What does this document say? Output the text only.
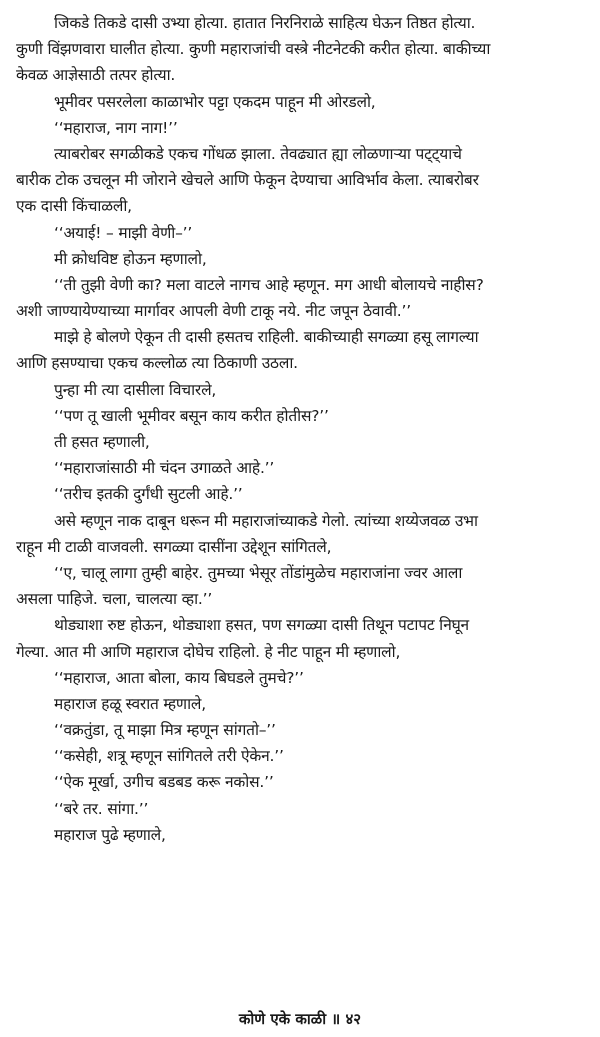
जिकडे तिकडे दासी उभ्या होत्या. हातात निरनिराळे साहित्य घेऊन तिष्ठत होत्या.
कुणी विंझणवारा घालीत होत्या. कुणी महाराजांची वस्त्रे नीटनेटकी करीत होत्या. बाकीच्या
केवळ आज्ञेसाठी तत्पर होत्या.
भूमीवर पसरलेला काळाभोर पट्टा एकदम पाहून मी ओरडलो,
‘‘महाराज, नाग नाग!’’
त्याबरोबर सगळीकडे एकच गोंधळ झाला. तेवढ्यात ह्या लोळणाऱ्या पट्ट्याचे
बारीक टोक उचलून मी जोराने खेचले आणि फेकून देण्याचा आविर्भाव केला. त्याबरोबर
एक दासी किंचाळली,
‘‘अयाई! – माझी वेणी–’’
मी क्रोधविष्ट होऊन म्हणालो,
‘‘ती तुझी वेणी का? मला वाटले नागच आहे म्हणून. मग आधी बोलायचे नाहीस?
अशी जाण्यायेण्याच्या मार्गावर आपली वेणी टाकू नये. नीट जपून ठेवावी.’’
माझे हे बोलणे ऐकून ती दासी हसतच राहिली. बाकीच्याही सगळ्या हसू लागल्या
आणि हसण्याचा एकच कल्लोळ त्या ठिकाणी उठला.
पुन्हा मी त्या दासीला विचारले,
‘‘पण तू खाली भूमीवर बसून काय करीत होतीस?’’
ती हसत म्हणाली,
‘‘महाराजांसाठी मी चंदन उगाळते आहे.’’
‘‘तरीच इतकी दुर्गंधी सुटली आहे.’’
असे म्हणून नाक दाबून धरून मी महाराजांच्याकडे गेलो. त्यांच्या शय्येजवळ उभा
राहून मी टाळी वाजवली. सगळ्या दासींना उद्देशून सांगितले,
‘‘ए, चालू लागा तुम्ही बाहेर. तुमच्या भेसूर तोंडांमुळेच महाराजांना ज्वर आला
असला पाहिजे. चला, चालत्या व्हा.’’
थोड्याशा रुष्ट होऊन, थोड्याशा हसत, पण सगळ्या दासी तिथून पटापट निघून
गेल्या. आत मी आणि महाराज दोघेच राहिलो. हे नीट पाहून मी म्हणालो,
‘‘महाराज, आता बोला, काय बिघडले तुमचे?’’
महाराज हळू स्वरात म्हणाले,
‘‘वक्रतुंडा, तू माझा मित्र म्हणून सांगतो–’’
‘‘कसेही, शत्रू म्हणून सांगितले तरी ऐकेन.’’
‘‘ऐक मूर्खा, उगीच बडबड करू नकोस.’’
‘‘बरे तर. सांगा.’’
महाराज पुढे म्हणाले,
कोणे एके काळी ॥ ४२
